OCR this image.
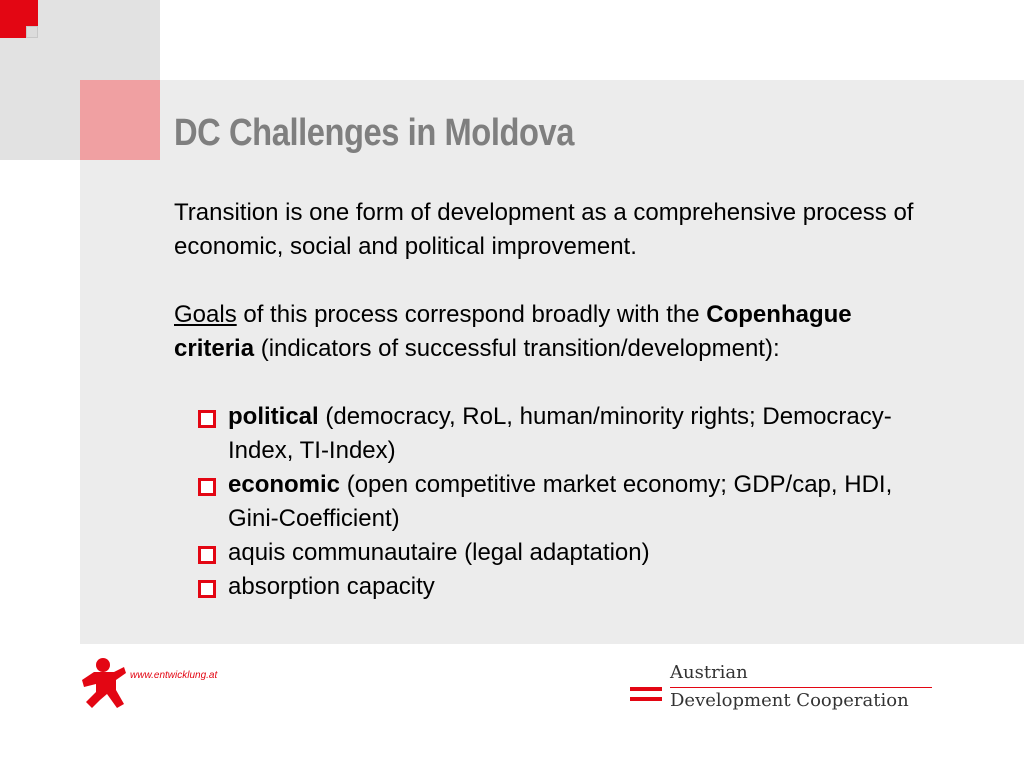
DC Challenges in Moldova

Transition is one form of development as a comprehensive process of economic, social and political improvement.

Goals of this process correspond broadly with the Copenhague criteria (indicators of successful transition/development):

political (democracy, RoL, human/minority rights; Democracy-Index, TI-Index)
economic (open competitive market economy; GDP/cap, HDI, Gini-Coefficient)
aquis communautaire (legal adaptation)
absorption capacity
www.entwicklung.at	Austrian
Development Cooperation
